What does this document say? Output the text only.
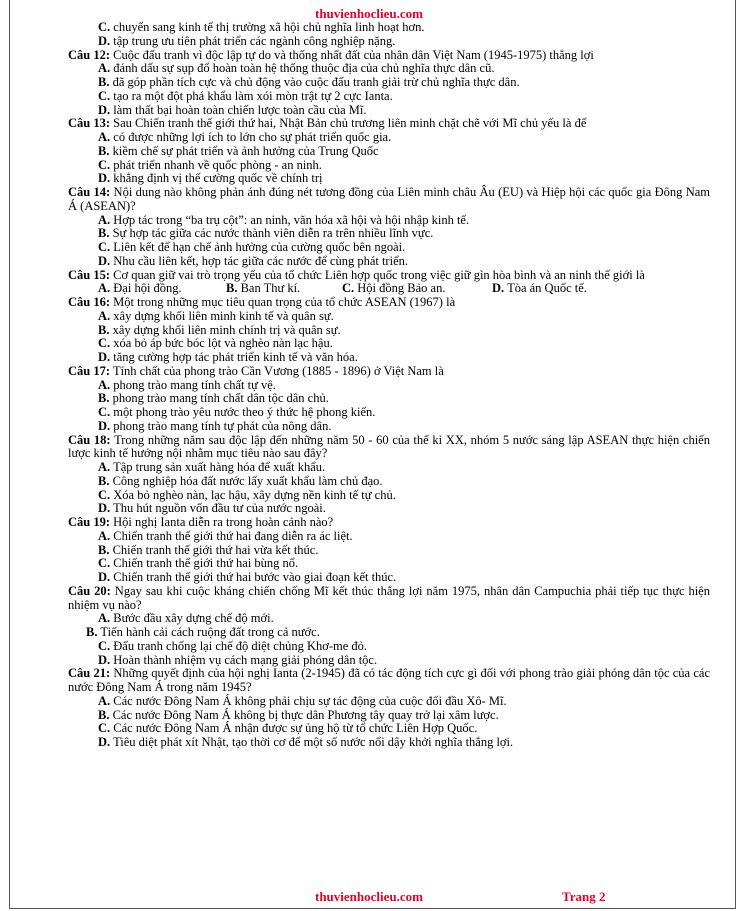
thuvienhoclieu.com
C. chuyển sang kinh tế thị trường xã hội chủ nghĩa linh hoạt hơn.
D. tập trung ưu tiên phát triển các ngành công nghiệp nặng.
Câu 12: Cuộc đấu tranh vì độc lập tự do và thống nhất đất của nhân dân Việt Nam (1945-1975) thắng lợi
A. đánh dấu sự sụp đổ hoàn toàn hệ thống thuộc địa của chủ nghĩa thực dân cũ.
B. đã góp phần tích cực và chủ động vào cuộc đấu tranh giải trừ chủ nghĩa thực dân.
C. tạo ra một đột phá khẩu làm xói mòn trật tự 2 cực Ianta.
D. làm thất bại hoàn toàn chiến lược toàn cầu của Mĩ.
Câu 13: Sau Chiến tranh thế giới thứ hai, Nhật Bản chủ trương liên minh chặt chẽ với Mĩ chủ yếu là để
A. có được những lợi ích to lớn cho sự phát triển quốc gia.
B. kiềm chế sự phát triển và ảnh hưởng của Trung Quốc
C. phát triển nhanh về quốc phòng - an ninh.
D. khẳng định vị thế cường quốc về chính trị
Câu 14: Nội dung nào không phản ánh đúng nét tương đồng của Liên minh châu Âu (EU) và Hiệp hội các quốc gia Đông Nam Á (ASEAN)?
A. Hợp tác trong “ba trụ cột”: an ninh, văn hóa xã hội và hội nhập kinh tế.
B. Sự hợp tác giữa các nước thành viên diễn ra trên nhiều lĩnh vực.
C. Liên kết để hạn chế ảnh hưởng của cường quốc bên ngoài.
D. Nhu cầu liên kết, hợp tác giữa các nước để cùng phát triển.
Câu 15: Cơ quan giữ vai trò trọng yếu của tổ chức Liên hợp quốc trong việc giữ gìn hòa bình và an ninh thế giới là
A. Đại hội đồng.	B. Ban Thư kí.	C. Hội đồng Bảo an.	D. Tòa án Quốc tế.
Câu 16: Một trong những mục tiêu quan trọng của tổ chức ASEAN (1967) là
A. xây dựng khối liên minh kinh tế và quân sự.
B. xây dựng khối liên minh chính trị và quân sự.
C. xóa bỏ áp bức bóc lột và nghèo nàn lạc hậu.
D. tăng cường hợp tác phát triển kinh tế và văn hóa.
Câu 17: Tính chất của phong trào Cần Vương (1885 - 1896) ở Việt Nam là
A. phong trào mang tính chất tự vệ.
B. phong trào mang tính chất dân tộc dân chủ.
C. một phong trào yêu nước theo ý thức hệ phong kiến.
D. phong trào mang tính tự phát của nông dân.
Câu 18: Trong những năm sau độc lập đến những năm 50 - 60 của thế kỉ XX, nhóm 5 nước sáng lập ASEAN thực hiện chiến lược kinh tế hướng nội nhằm mục tiêu nào sau đây?
A. Tập trung sản xuất hàng hóa để xuất khẩu.
B. Công nghiệp hóa đất nước lấy xuất khẩu làm chủ đạo.
C. Xóa bỏ nghèo nàn, lạc hậu, xây dựng nền kinh tế tự chủ.
D. Thu hút nguồn vốn đầu tư của nước ngoài.
Câu 19: Hội nghị Ianta diễn ra trong hoàn cảnh nào?
A. Chiến tranh thế giới thứ hai đang diễn ra ác liệt.
B. Chiến tranh thế giới thứ hai vừa kết thúc.
C. Chiến tranh thế giới thứ hai bùng nổ.
D. Chiến tranh thế giới thứ hai bước vào giai đoạn kết thúc.
Câu 20: Ngay sau khi cuộc kháng chiến chống Mĩ kết thúc thắng lợi năm 1975, nhân dân Campuchia phải tiếp tục thực hiện nhiệm vụ nào?
A. Bước đầu xây dựng chế độ mới.
B. Tiến hành cải cách ruộng đất trong cả nước.
C. Đấu tranh chống lại chế độ diệt chủng Khơ-me đỏ.
D. Hoàn thành nhiệm vụ cách mạng giải phóng dân tộc.
Câu 21: Những quyết định của hội nghị Ianta (2-1945) đã có tác động tích cực gì đối với phong trào giải phóng dân tộc của các nước Đông Nam Á trong năm 1945?
A. Các nước Đông Nam Á không phải chịu sự tác động của cuộc đối đầu Xô- Mĩ.
B. Các nước Đông Nam Á không bị thực dân Phương tây quay trở lại xâm lược.
C. Các nước Đông Nam Á nhận được sự ủng hộ từ tổ chức Liên Hợp Quốc.
D. Tiêu diệt phát xít Nhật, tạo thời cơ để một số nước nổi dậy khởi nghĩa thắng lợi.
thuvienhoclieu.com	Trang 2
